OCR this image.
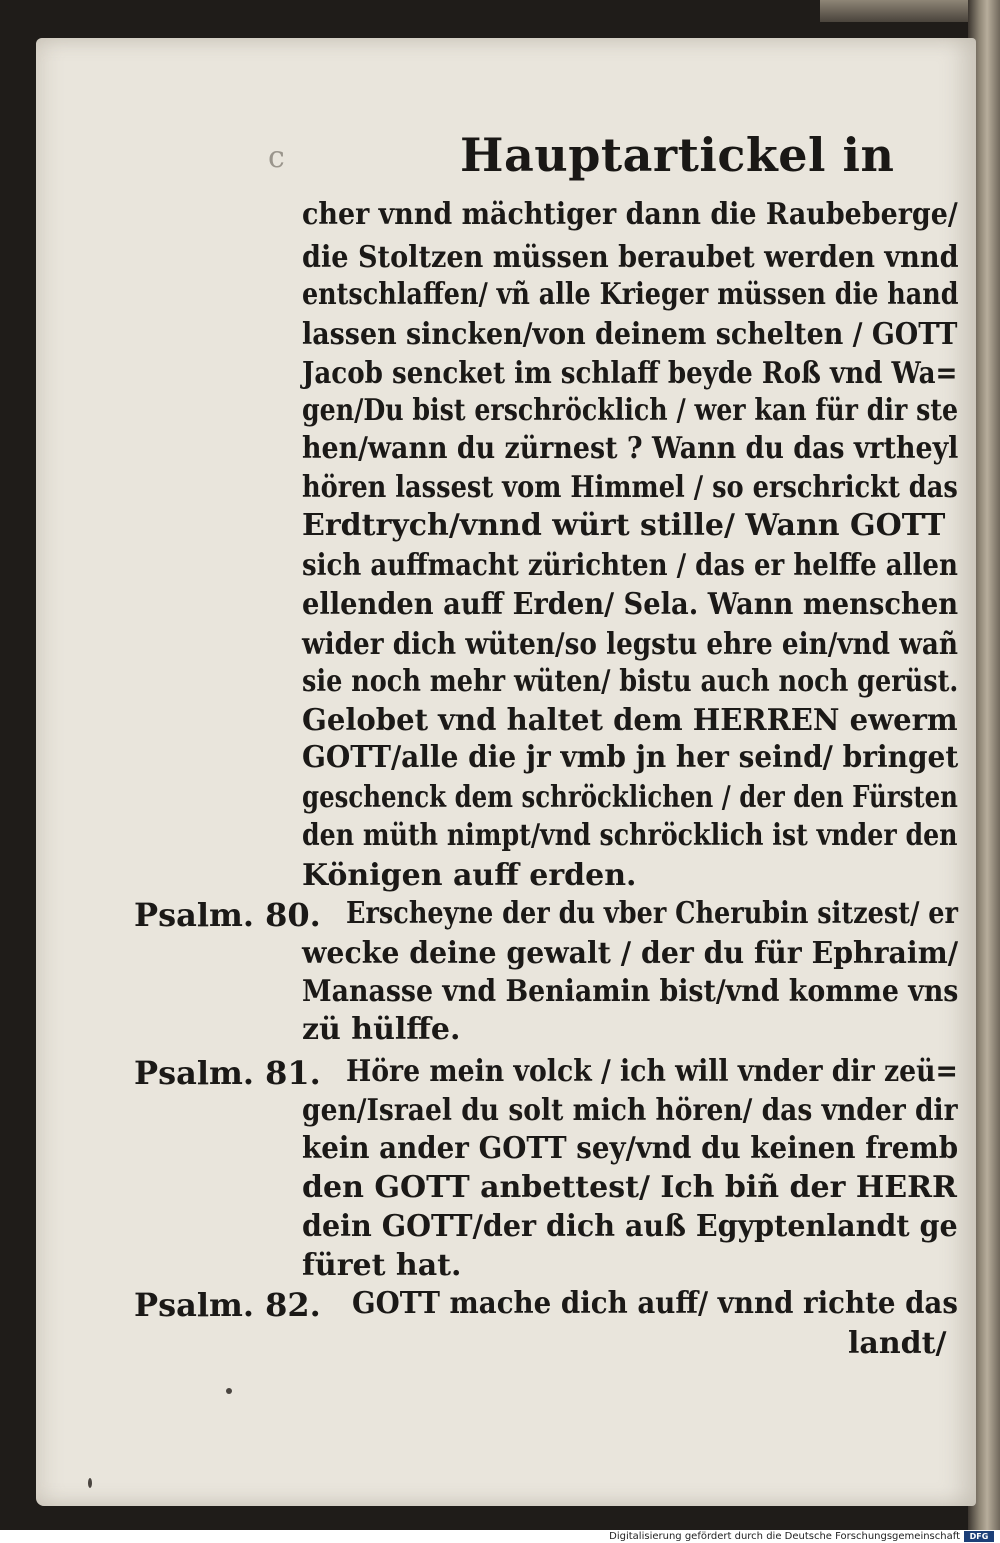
c	Hauptartickel in
cher vnnd mächtiger dann die Raubeberge/
die Stoltzen müssen beraubet werden vnnd
entschlaffen/ vñ alle Krieger müssen die hand
lassen sincken/von deinem schelten / GOTT
Jacob sencket im schlaff beyde Roß vnd Wa=
gen/Du bist erschröcklich / wer kan für dir ste
hen/wann du zürnest ? Wann du das vrtheyl
hören lassest vom Himmel / so erschrickt das
Erdtrych/vnnd würt stille/ Wann GOTT
sich auffmacht zürichten / das er helffe allen
ellenden auff Erden/ Sela. Wann menschen
wider dich wüten/so legstu ehre ein/vnd wañ
sie noch mehr wüten/ bistu auch noch gerüst.
Gelobet vnd haltet dem HERREN ewerm
GOTT/alle die jr vmb jn her seind/ bringet
geschenck dem schröcklichen / der den Fürsten
den müth nimpt/vnd schröcklich ist vnder den
Königen auff erden.
Psalm. 80. Erscheyne der du vber Cherubin sitzest/ er
wecke deine gewalt / der du für Ephraim/
Manasse vnd Beniamin bist/vnd komme vns
zü hülffe.
Psalm. 81. Höre mein volck / ich will vnder dir zeü=
gen/Israel du solt mich hören/ das vnder dir
kein ander GOTT sey/vnd du keinen fremb
den GOTT anbettest/ Ich biñ der HERR
dein GOTT/der dich auß Egyptenlandt ge
füret hat.
Psalm. 82. GOTT mache dich auff/ vnnd richte das
landt/
Digitalisierung gefördert durch die Deutsche Forschungsgemeinschaft	DFG
